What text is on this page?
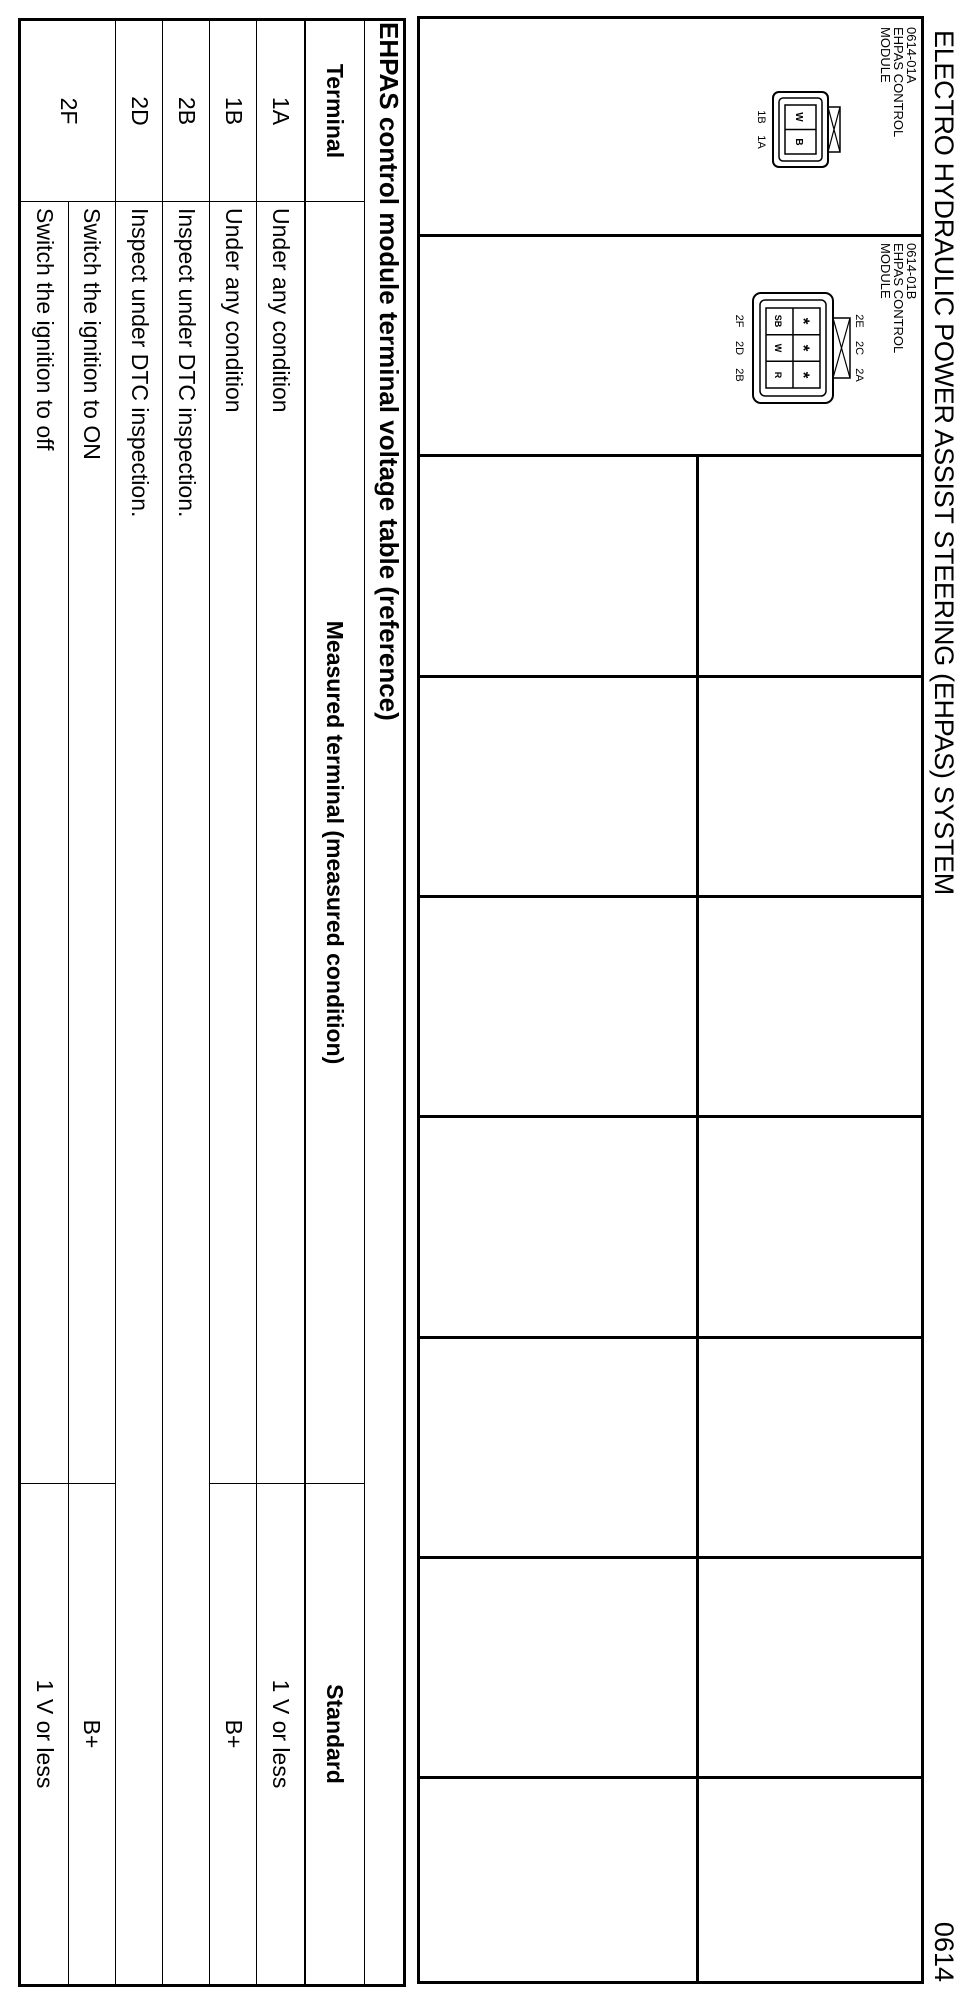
ELECTRO HYDRAULIC POWER ASSIST STEERING (EHPAS) SYSTEM
0614
0614-01A
EHPAS CONTROL
MODULE
W
B
1B
1A
0614-01B
EHPAS CONTROL
MODULE
*
*
*
SB
W
R
2E
2C
2A
2F
2D
2B
EHPAS control module terminal voltage table (reference)

Terminal	Measured terminal (measured condition)	Standard
1A	Under any condition	1 V or less
1B	Under any condition	B+
2B	Inspect under DTC inspection.	
2D	Inspect under DTC inspection.	
2F	Switch the ignition to ON	B+
	Switch the ignition to off	1 V or less
